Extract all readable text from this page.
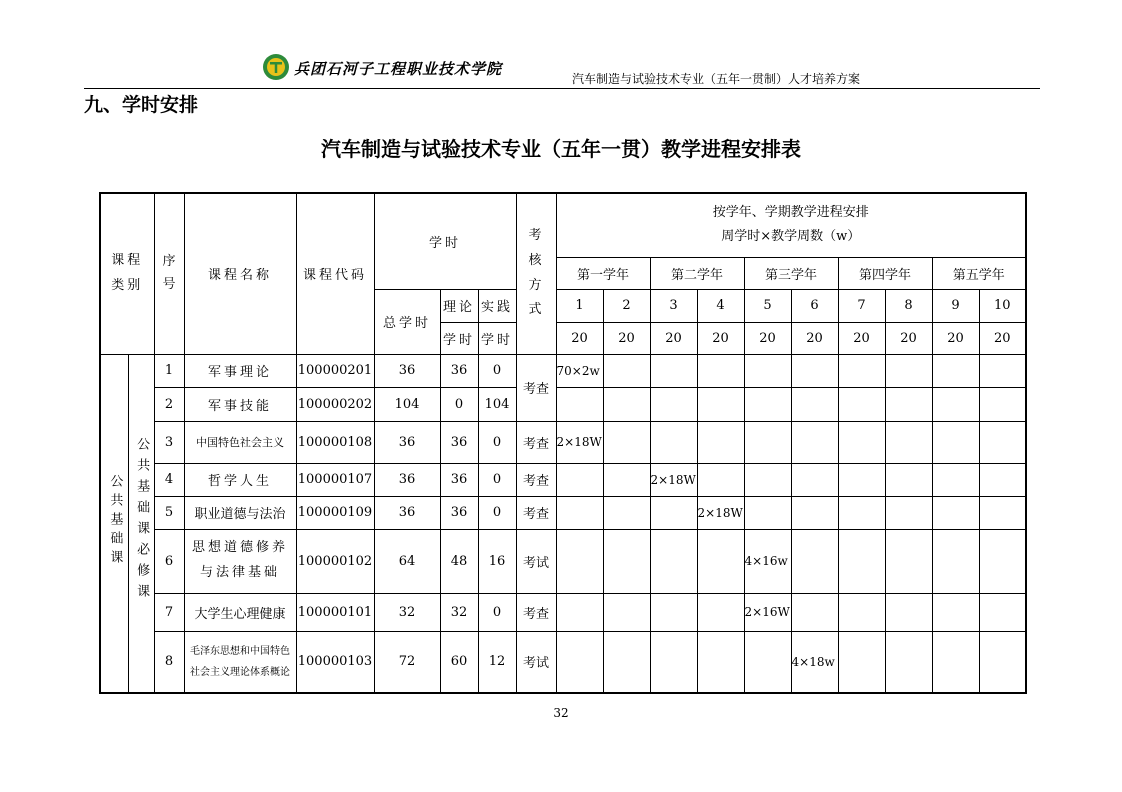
兵团石河子工程职业技术学院
汽车制造与试验技术专业（五年一贯制）人才培养方案
九、学时安排
汽车制造与试验技术专业（五年一贯）教学进程安排表
课程类别		序号	课程名称	课程代码	学时			考核方式	按学年、学期教学进程安排
周学时×教学周数（w）									

									第一学年		第二学年		第三学年		第四学年		第五学年	
					总学时	理论	实践		1	2	3	4	5	6	7	8	9	10
						学时	学时		20	20	20	20	20	20	20	20	20	20
公共基础课	公共基础课必修课	1	军事理论	100000201	36	36	0	考查	70×2w									
		2	军事技能	100000202	104	0	104											
		3	中国特色社会主义	100000108	36	36	0	考查	2×18W									
		4	哲学人生	100000107	36	36	0	考查			2×18W							
		5	职业道德与法治	100000109	36	36	0	考查				2×18W						
		6	思想道德修养与法律基础	100000102	64	48	16	考试					4×16w					
		7	大学生心理健康	100000101	32	32	0	考查					2×16W					
		8	毛泽东思想和中国特色社会主义理论体系概论	100000103	72	60	12	考试						4×18w				
32
